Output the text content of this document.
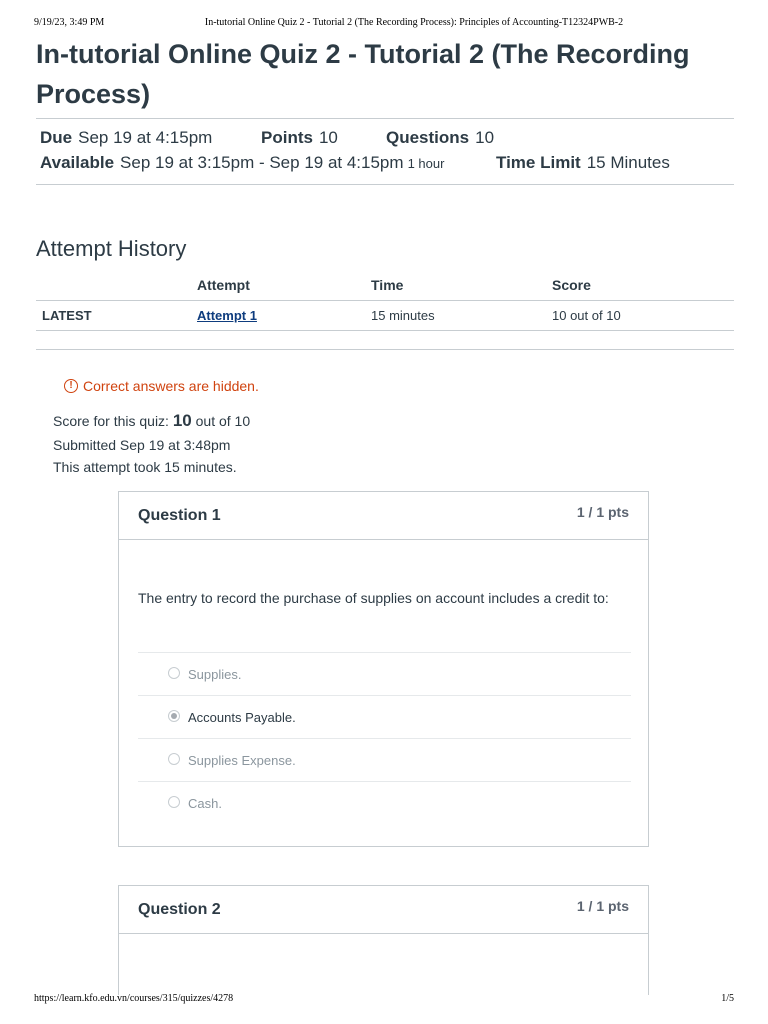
9/19/23, 3:49 PM	In-tutorial Online Quiz 2 - Tutorial 2 (The Recording Process): Principles of Accounting-T12324PWB-2
In-tutorial Online Quiz 2 - Tutorial 2 (The Recording Process)
Due Sep 19 at 4:15pm	Points 10	Questions 10
Available Sep 19 at 3:15pm - Sep 19 at 4:15pm 1 hour	Time Limit 15 Minutes
Attempt History
	Attempt	Time	Score
LATEST	Attempt 1	15 minutes	10 out of 10
! Correct answers are hidden.
Score for this quiz: 10 out of 10
Submitted Sep 19 at 3:48pm
This attempt took 15 minutes.
Question 1	1 / 1 pts
The entry to record the purchase of supplies on account includes a credit to:
Supplies.
Accounts Payable.
Supplies Expense.
Cash.
Question 2	1 / 1 pts
https://learn.kfo.edu.vn/courses/315/quizzes/4278	1/5
